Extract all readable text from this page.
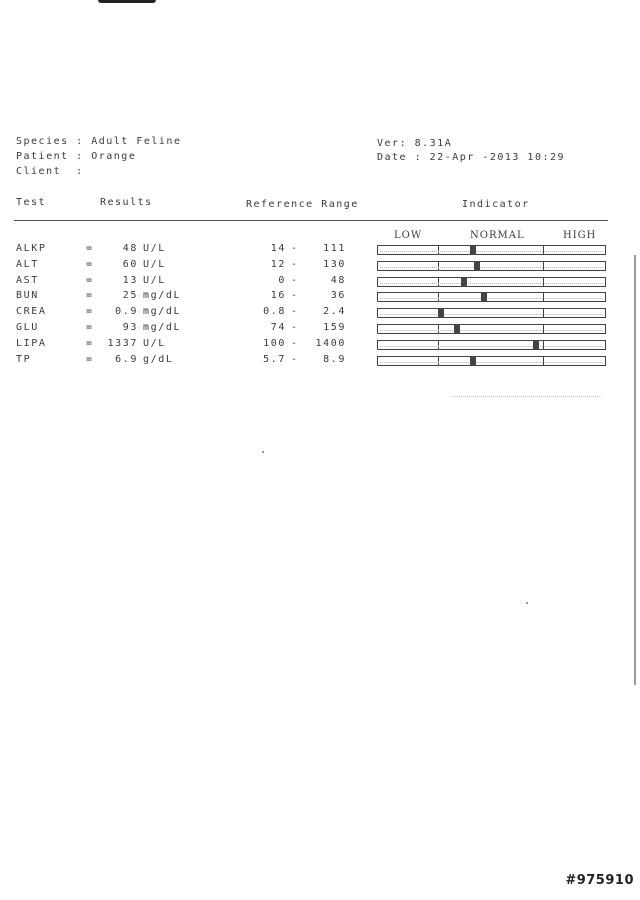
Species : Adult Feline
Patient : Orange
Client  :
Ver: 8.31A
Date : 22-Apr -2013 10:29
Test	Results	Reference Range	Indicator
LOW	NORMAL	HIGH
ALKP	=	48 U/L	14 -	111
ALT	=	60 U/L	12 -	130
AST	=	13 U/L	0 -	48
BUN	=	25 mg/dL	16 -	36
CREA	=	0.9 mg/dL	0.8 -	2.4
GLU	=	93 mg/dL	74 -	159
LIPA	=	1337 U/L	100 -	1400
TP	=	6.9 g/dL	5.7 -	8.9
#975910
